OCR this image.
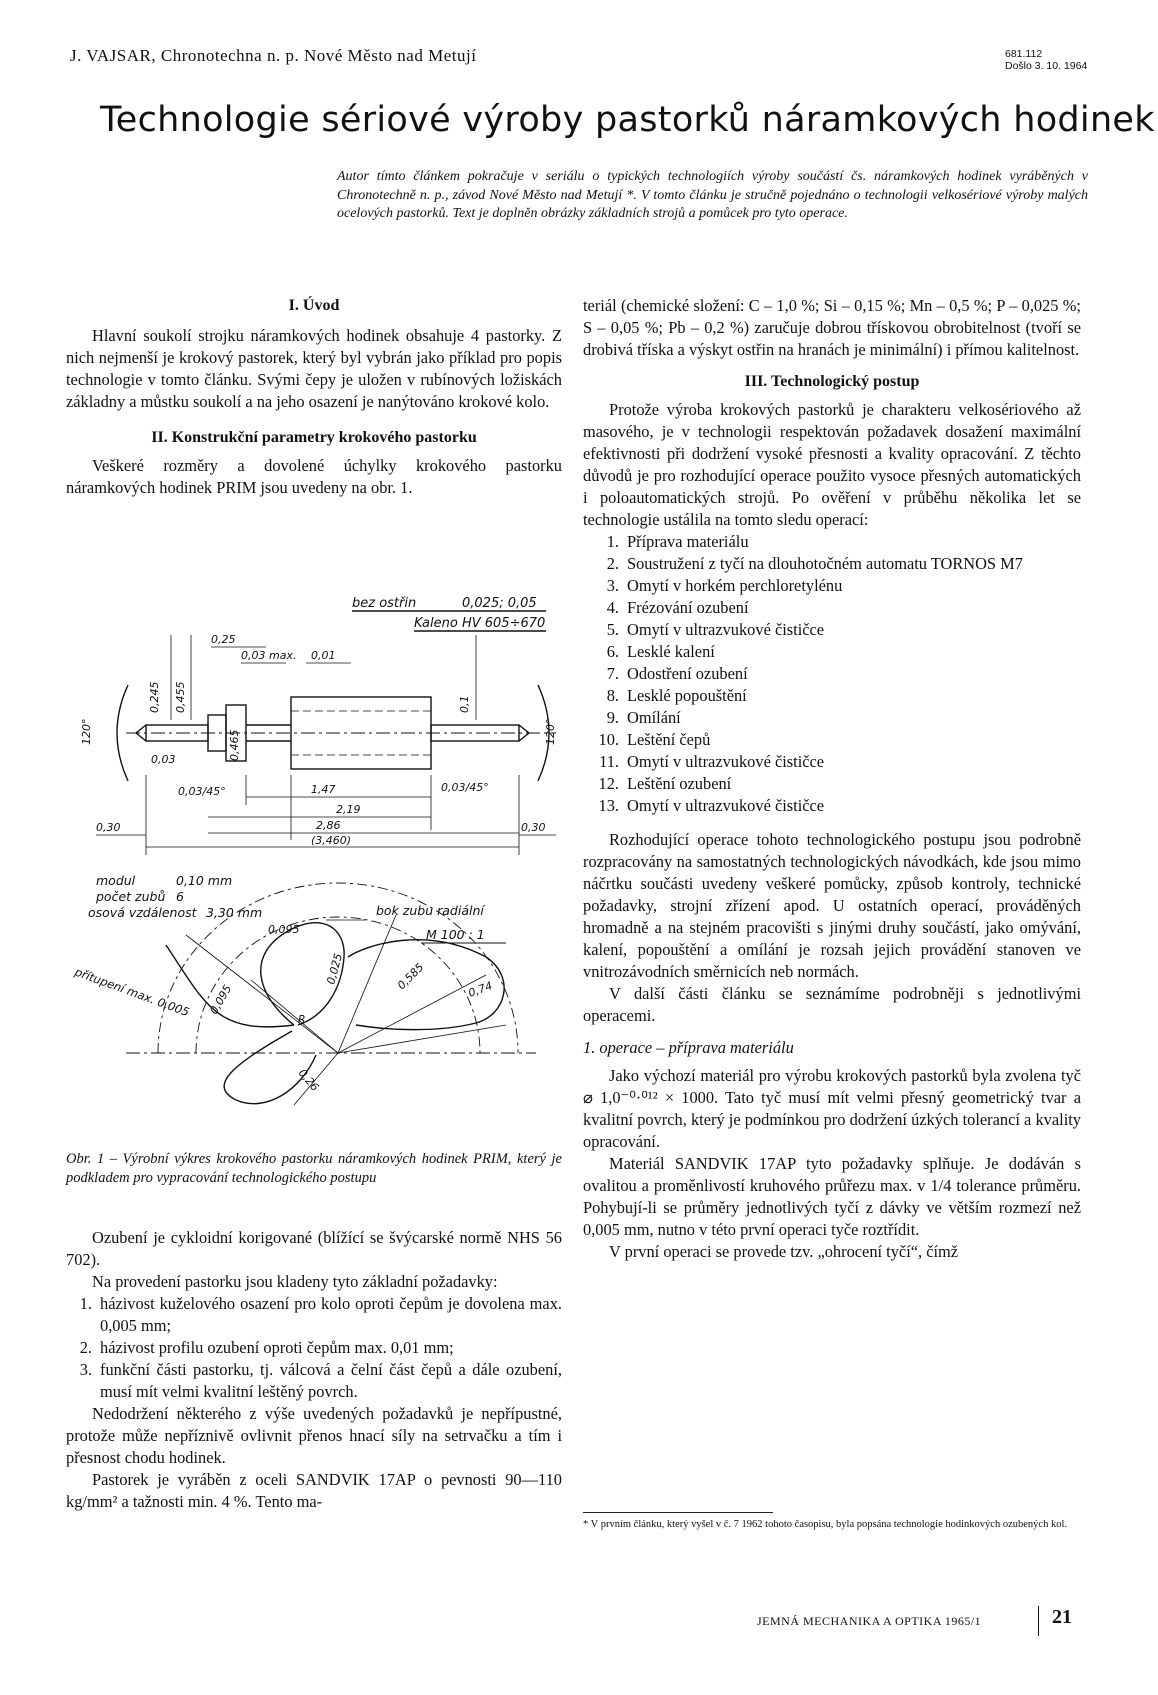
J. VAJSAR, Chronotechna n. p. Nové Město nad Metují	681.112
Došlo 3. 10. 1964
Technologie sériové výroby pastorků náramkových hodinek
Autor tímto článkem pokračuje v seriálu o typických technologiích výroby součástí čs. náramkových hodinek vyráběných v Chronotechně n. p., závod Nové Město nad Metují *. V tomto článku je stručně pojednáno o technologii velkosériové výroby malých ocelových pastorků. Text je doplněn obrázky základních strojů a pomůcek pro tyto operace.

I. Úvod

Hlavní soukolí strojku náramkových hodinek obsahuje 4 pastorky. Z nich nejmenší je krokový pastorek, který byl vybrán jako příklad pro popis technologie v tomto článku. Svými čepy je uložen v rubínových ložiskách základny a můstku soukolí a na jeho osazení je nanýtováno krokové kolo.

II. Konstrukční parametry krokového pastorku

Veškeré rozměry a dovolené úchylky krokového pastorku náramkových hodinek PRIM jsou uvedeny na obr. 1.

bez ostřin	0,025; 0,05
Kaleno HV 605÷670
0,25
0,03 max. 0,01
0,245 0,455
0,465
0,1
120°	120°
0,03
0,03/45°	0,03/45°
1,47
2,19
2,86
(3,460)
0,30	0,30
modul	0,10 mm
počet zubů 6
osová vzdálenost 3,30 mm	bok zubu radiální
M 100 : 1
0,095
0,095
0,025	0,585	0,74
0,26
R
přítupení max. 0,005
Obr. 1 – Výrobní výkres krokového pastorku náramkových hodinek PRIM, který je podkladem pro vypracování technologického postupu

Ozubení je cykloidní korigované (blížící se švýcarské normě NHS 56 702).

Na provedení pastorku jsou kladeny tyto základní požadavky:

1. házivost kuželového osazení pro kolo oproti čepům je dovolena max. 0,005 mm;
2. házivost profilu ozubení oproti čepům max. 0,01 mm;
3. funkční části pastorku, tj. válcová a čelní část čepů a dále ozubení, musí mít velmi kvalitní leštěný povrch.

Nedodržení některého z výše uvedených požadavků je nepřípustné, protože může nepříznivě ovlivnit přenos hnací síly na setrvačku a tím i přesnost chodu hodinek.

Pastorek je vyráběn z oceli SANDVIK 17AP o pevnosti 90—110 kg/mm² a tažnosti min. 4 %. Tento ma-

teriál (chemické složení: C – 1,0 %; Si – 0,15 %; Mn – 0,5 %; P – 0,025 %; S – 0,05 %; Pb – 0,2 %) zaručuje dobrou třískovou obrobitelnost (tvoří se drobivá tříska a výskyt ostřin na hranách je minimální) i přímou kalitelnost.

III. Technologický postup

Protože výroba krokových pastorků je charakteru velkosériového až masového, je v technologii respektován požadavek dosažení maximální efektivnosti při dodržení vysoké přesnosti a kvality opracování. Z těchto důvodů je pro rozhodující operace použito vysoce přesných automatických i poloautomatických strojů. Po ověření v průběhu několika let se technologie ustálila na tomto sledu operací:

1. Příprava materiálu
2. Soustružení z tyčí na dlouhotočném automatu TORNOS M7
3. Omytí v horkém perchloretylénu
4. Frézování ozubení
5. Omytí v ultrazvukové čističce
6. Lesklé kalení
7. Odostření ozubení
8. Lesklé popouštění
9. Omílání
10. Leštění čepů
11. Omytí v ultrazvukové čističce
12. Leštění ozubení
13. Omytí v ultrazvukové čističce

Rozhodující operace tohoto technologického postupu jsou podrobně rozpracovány na samostatných technologických návodkách, kde jsou mimo náčrtku součásti uvedeny veškeré pomůcky, způsob kontroly, technické požadavky, strojní zřízení apod. U ostatních operací, prováděných hromadně a na stejném pracovišti s jinými druhy součástí, jako omývání, kalení, popouštění a omílání je rozsah jejich provádění stanoven ve vnitrozávodních směrnicích neb normách.

V další části článku se seznámíme podrobněji s jednotlivými operacemi.

1. operace – příprava materiálu

Jako výchozí materiál pro výrobu krokových pastorků byla zvolena tyč ⌀ 1,0⁻⁰·⁰¹² × 1000. Tato tyč musí mít velmi přesný geometrický tvar a kvalitní povrch, který je podmínkou pro dodržení úzkých tolerancí a kvality opracování.

Materiál SANDVIK 17AP tyto požadavky splňuje. Je dodáván s ovalitou a proměnlivostí kruhového průřezu max. v 1/4 tolerance průměru. Pohybují-li se průměry jednotlivých tyčí z dávky ve větším rozmezí než 0,005 mm, nutno v této první operaci tyče roztřídit.

V první operaci se provede tzv. „ohrocení tyčí“, čímž

* V prvním článku, který vyšel v č. 7 1962 tohoto časopisu, byla popsána technologie hodinkových ozubených kol.
JEMNÁ MECHANIKA A OPTIKA 1965/1	21
